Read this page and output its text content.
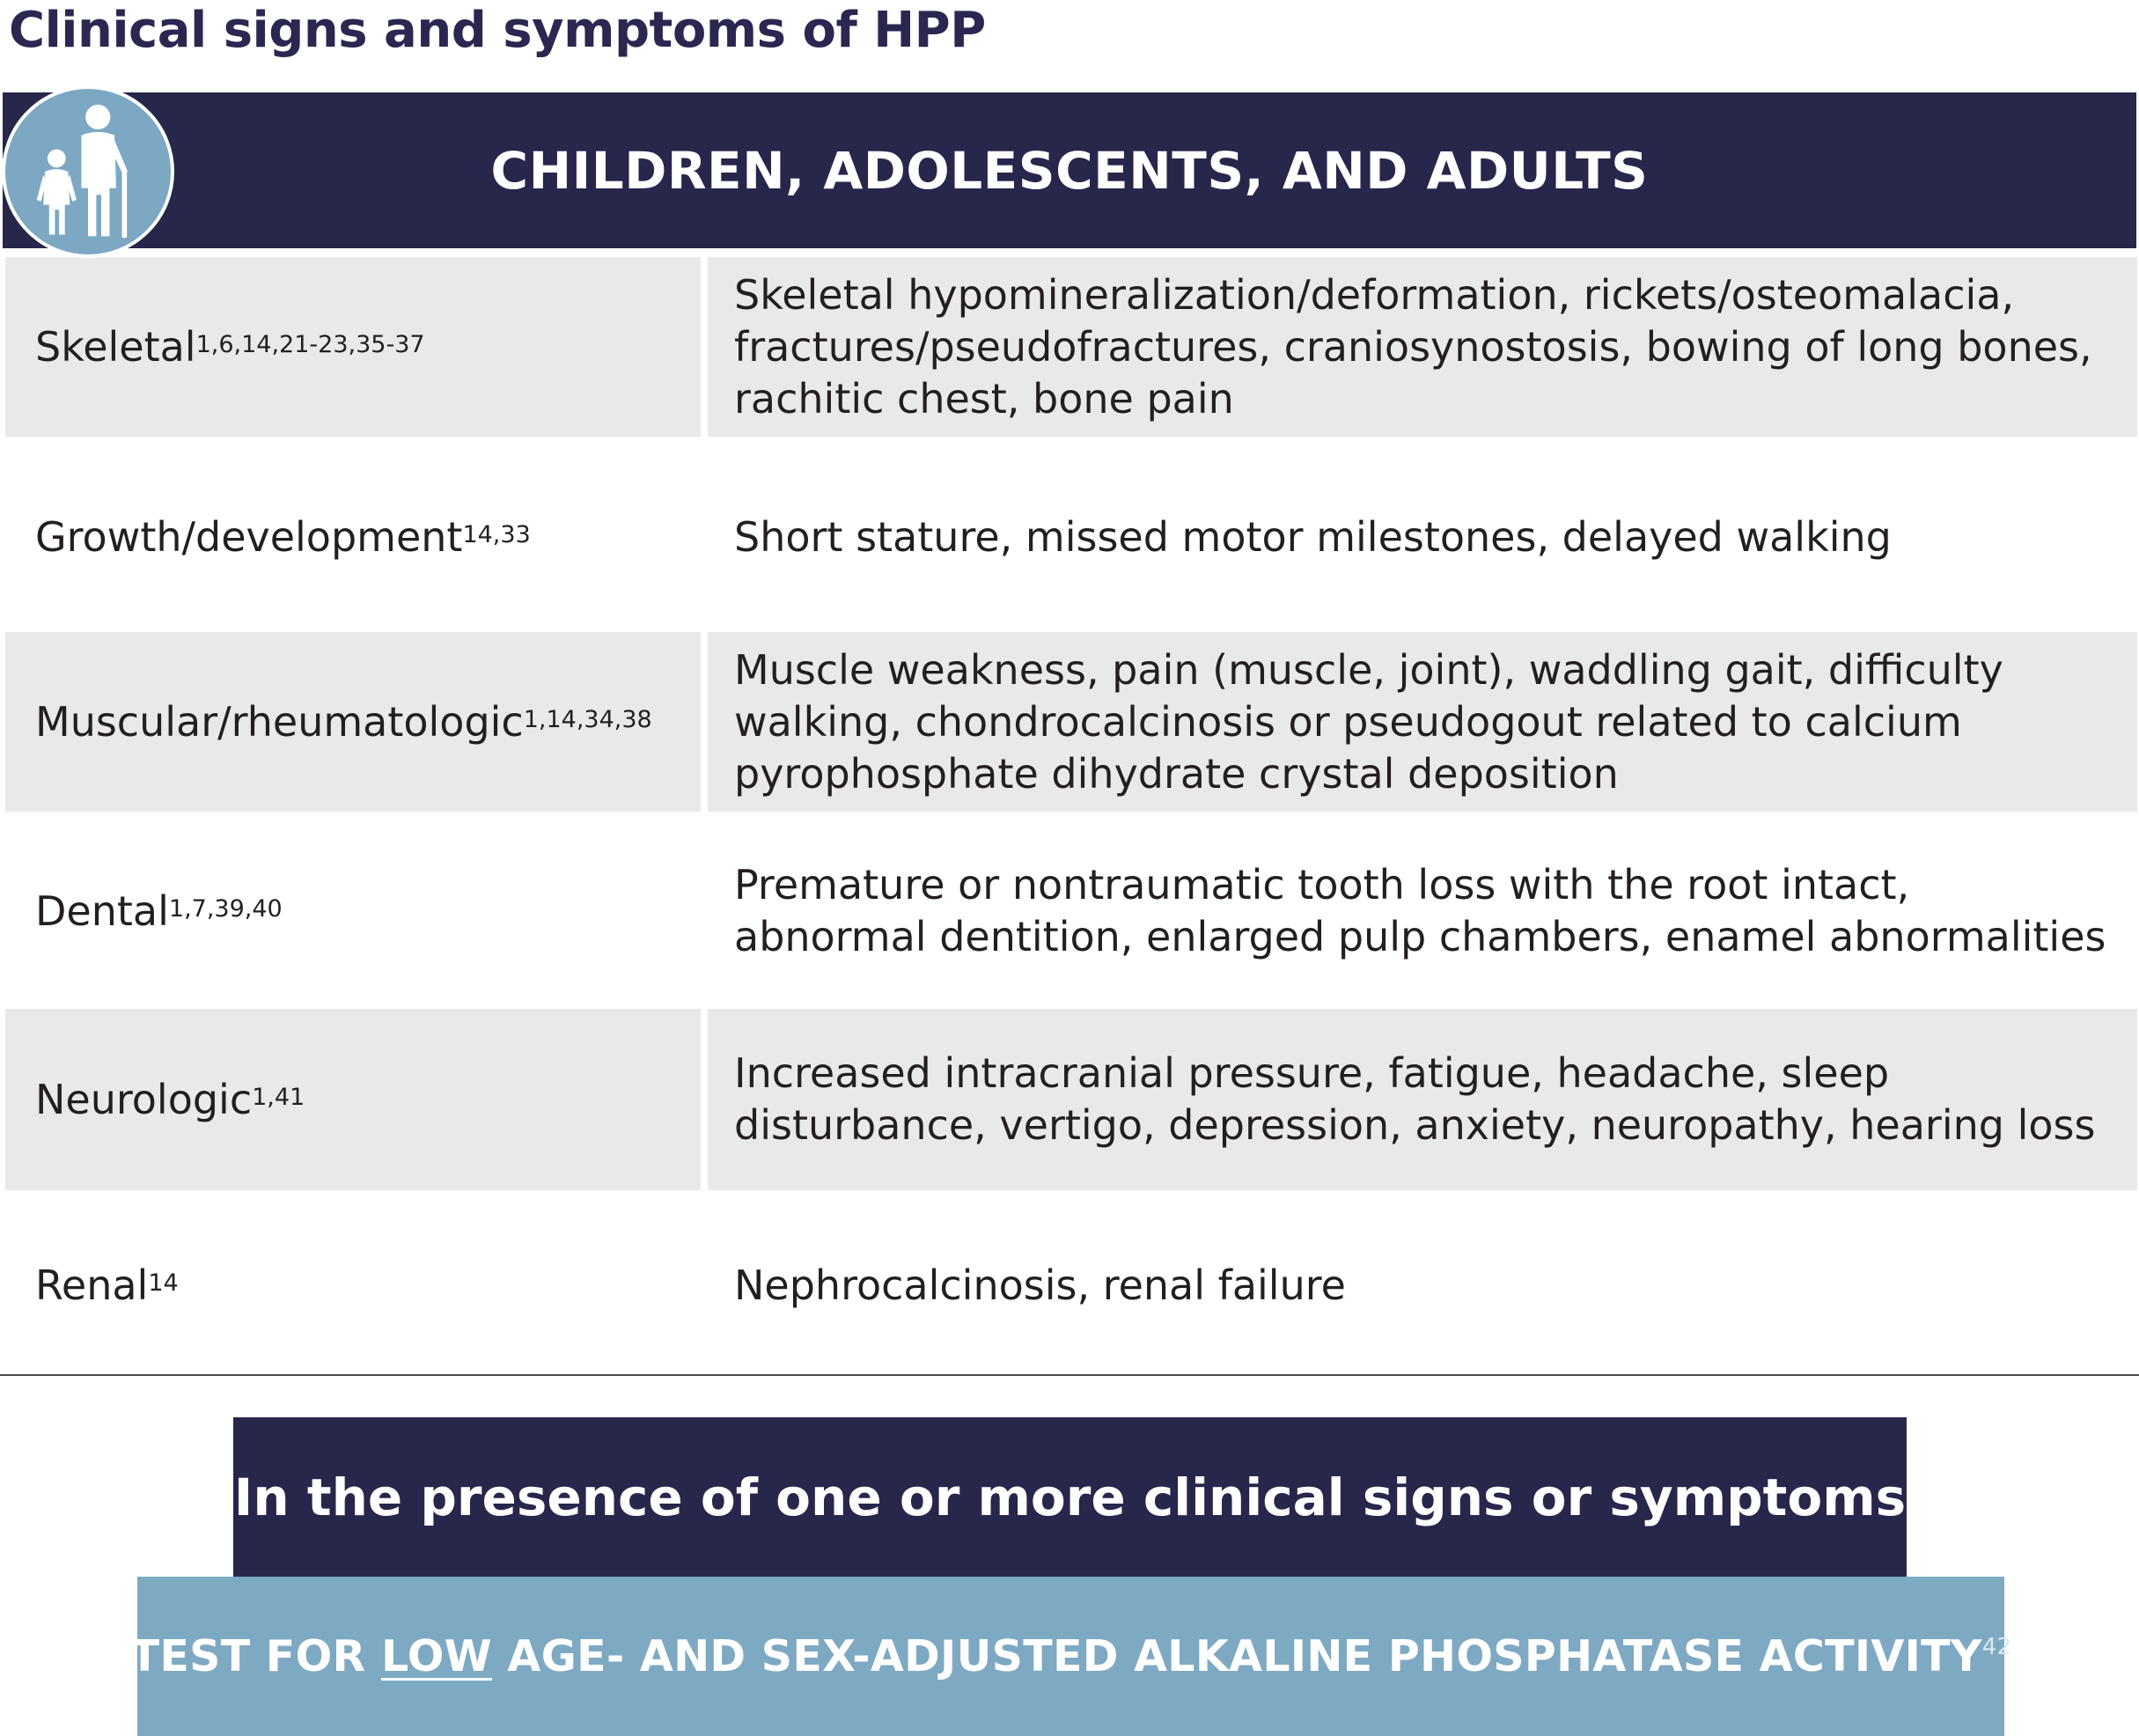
Clinical signs and symptoms of HPP
CHILDREN, ADOLESCENTS, AND ADULTS
Skeletal$^{1,6,14,21-23,35-37}$
Skeletal hypomineralization/deformation, rickets/osteomalacia, fractures/pseudofractures, craniosynostosis, bowing of long bones, rachitic chest, bone pain
Growth/development$^{14,33}$	Short stature, missed motor milestones, delayed walking
Muscular/rheumatologic$^{1,14,34,38}$
Muscle weakness, pain (muscle, joint), waddling gait, difficulty walking, chondrocalcinosis or pseudogout related to calcium pyrophosphate dihydrate crystal deposition
Dental$^{1,7,39,40}$
Premature or nontraumatic tooth loss with the root intact, abnormal dentition, enlarged pulp chambers, enamel abnormalities
Neurologic$^{1,41}$
Increased intracranial pressure, fatigue, headache, sleep disturbance, vertigo, depression, anxiety, neuropathy, hearing loss
Renal$^{14}$	Nephrocalcinosis, renal failure
In the presence of one or more clinical signs or symptoms
TEST FOR LOW AGE- AND SEX-ADJUSTED ALKALINE PHOSPHATASE ACTIVITY$^{42}$
